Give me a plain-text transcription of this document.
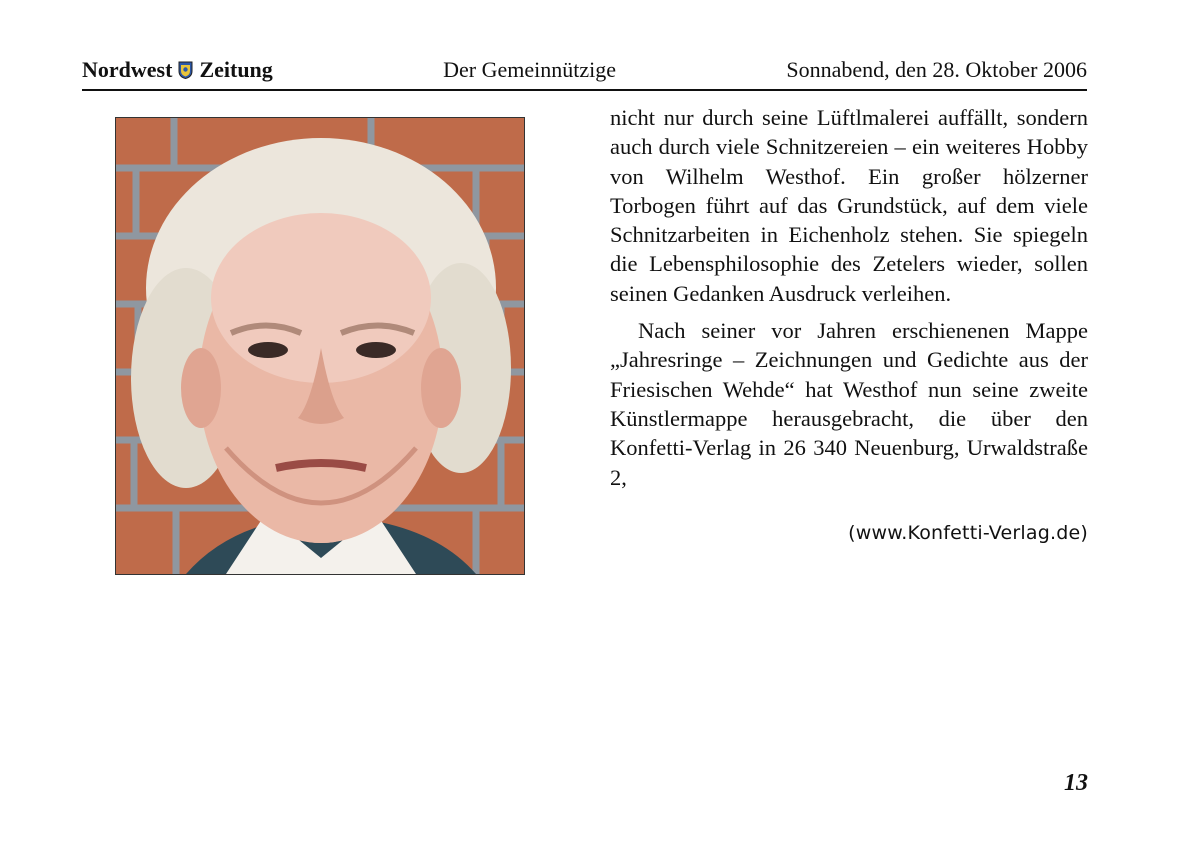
Nordwest Zeitung	Der Gemeinnützige	Sonnabend, den 28. Oktober 2006

nicht nur durch seine Lüftlmalerei auffällt, sondern auch durch viele Schnitzereien – ein weiteres Hobby von Wilhelm Westhof. Ein großer hölzerner Torbogen führt auf das Grundstück, auf dem viele Schnitzarbeiten in Eichenholz stehen. Sie spiegeln die Lebensphilosophie des Zetelers wieder, sollen seinen Gedanken Ausdruck verleihen.

Nach seiner vor Jahren erschienenen Mappe „Jahresringe – Zeichnungen und Gedichte aus der Friesischen Wehde“ hat Westhof nun seine zweite Künstlermappe herausgebracht, die über den Konfetti-Verlag in 26 340 Neuenburg, Urwaldstraße 2,

(www.Konfetti-Verlag.de)
13
